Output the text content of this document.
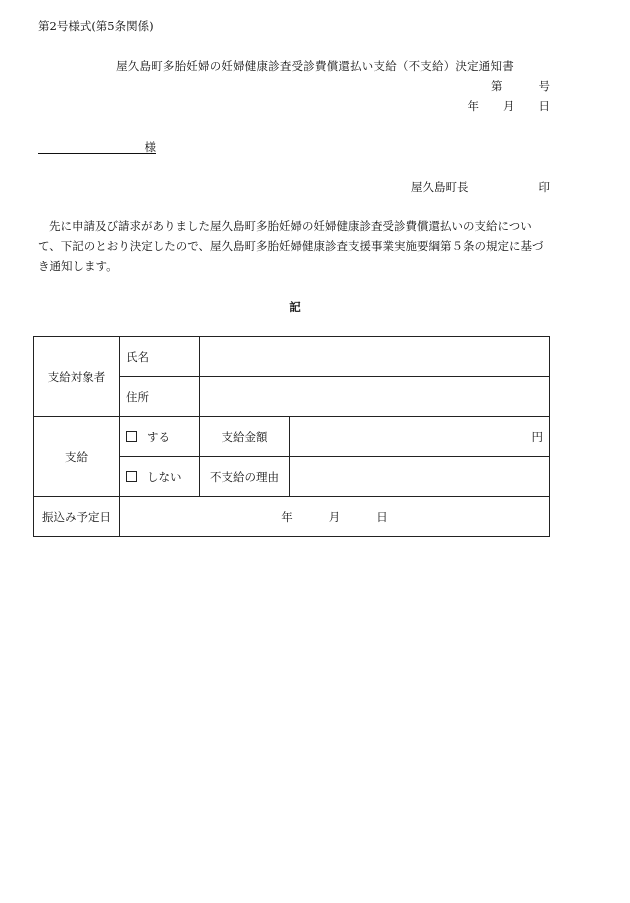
第2号様式(第5条関係)
屋久島町多胎妊婦の妊婦健康診査受診費償還払い支給（不支給）決定通知書
第	号
年 月 日
様
屋久島町長	印
先に申請及び請求がありました屋久島町多胎妊婦の妊婦健康診査受診費償還払いの支給について、下記のとおり決定したので、屋久島町多胎妊婦健康診査支援事業実施要綱第５条の規定に基づき通知します。
記
支給対象者	氏名		
	住所		
支給	する	支給金額	円
	しない	不支給の理由	
振込み予定日	年 月 日		
